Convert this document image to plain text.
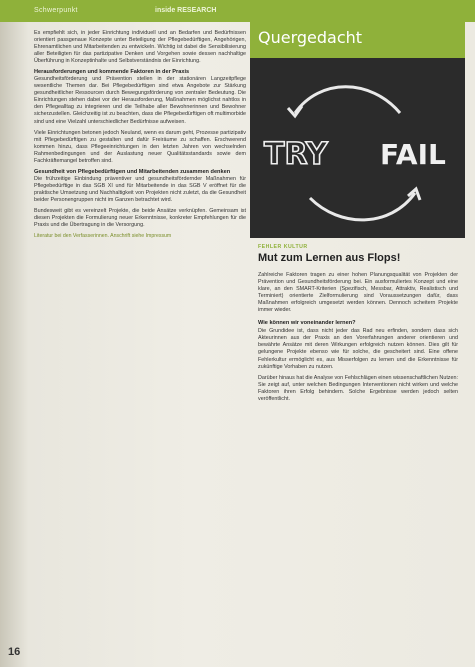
Schwerpunkt	inside RESEARCH

Es empfiehlt sich, in jeder Einrichtung individuell und an Bedarfen und Bedürfnissen orientiert passgenaue Konzepte unter Beteiligung der Pflegebedürftigen, Angehörigen, Ehrenamtlichen und Mitarbeitenden zu entwickeln. Wichtig ist dabei die Sensibilisierung aller Beteiligten für das partizipative Denken und Vorgehen sowie dessen nachhaltige Überführung in Konzeptinhalte und Selbstverständnis der Einrichtung.

Herausforderungen und kommende Faktoren in der Praxis

Gesundheitsförderung und Prävention stellen in der stationären Langzeitpflege wesentliche Themen dar. Bei Pflegebedürftigen sind etwa Angebote zur Stärkung gesundheitlicher Ressourcen durch Bewegungsförderung von zentraler Bedeutung. Die Einrichtungen stehen dabei vor der Herausforderung, Maßnahmen möglichst nahtlos in den Pflegealltag zu integrieren und die Teilhabe aller Bewohnerinnen und Bewohner sicherzustellen. Gleichzeitig ist zu beachten, dass die Pflegebedürftigen oft multimorbide sind und eine Vielzahl unterschiedlicher Bedürfnisse aufweisen.

Viele Einrichtungen betonen jedoch Neuland, wenn es darum geht, Prozesse partizipativ mit Pflegebedürftigen zu gestalten und dafür Freiräume zu schaffen. Erschwerend kommen hinzu, dass Pflegeeinrichtungen in den letzten Jahren von wechselnden Rahmenbedingungen und der Auslastung neuer Qualitätsstandards sowie dem Fachkräftemangel betroffen sind.

Gesundheit von Pflegebedürftigen und Mitarbeitenden zusammen denken

Die frühzeitige Einbindung präventiver und gesundheitsfördernder Maßnahmen für Pflegebedürftige in das SGB XI und für Mitarbeitende in das SGB V eröffnet für die praktische Umsetzung und Nachhaltigkeit von Projekten nicht zuletzt, da die Gesundheit beider Personengruppen nicht im Ganzen betrachtet wird.

Bundesweit gibt es vereinzelt Projekte, die beide Ansätze verknüpfen. Gemeinsam ist diesen Projekten die Formulierung neuer Erkenntnisse, konkreter Empfehlungen für die Praxis und die Übertragung in die Versorgung.

Literatur bei den Verfasserinnen. Anschrift siehe Impressum
Quergedacht
TRY FAIL
FEHLER KULTUR
Mut zum Lernen aus Flops!

Zahlreiche Faktoren tragen zu einer hohen Planungsqualität von Projekten der Prävention und Gesundheitsförderung bei. Ein ausformuliertes Konzept und eine klare, an den SMART-Kriterien (Spezifisch, Messbar, Attraktiv, Realistisch und Terminiert) orientierte Zielformulierung sind Voraussetzungen dafür, dass Maßnahmen erfolgreich umgesetzt werden können. Dennoch scheitern Projekte immer wieder.

Wie können wir voneinander lernen?

Die Grundidee ist, dass nicht jeder das Rad neu erfinden, sondern dass sich Akteurinnen aus der Praxis an den Vorerfahrungen anderer orientieren und bewährte Ansätze mit deren Wirkungen erfolgreich nutzen können. Dies gilt für gelungene Projekte ebenso wie für solche, die gescheitert sind. Eine offene Fehlerkultur ermöglicht es, aus Misserfolgen zu lernen und die Erkenntnisse für zukünftige Vorhaben zu nutzen.

Darüber hinaus hat die Analyse von Fehlschlägen einen wissenschaftlichen Nutzen: Sie zeigt auf, unter welchen Bedingungen Interventionen nicht wirken und welche Faktoren ihren Erfolg behindern. Solche Ergebnisse werden jedoch selten veröffentlicht.

16
